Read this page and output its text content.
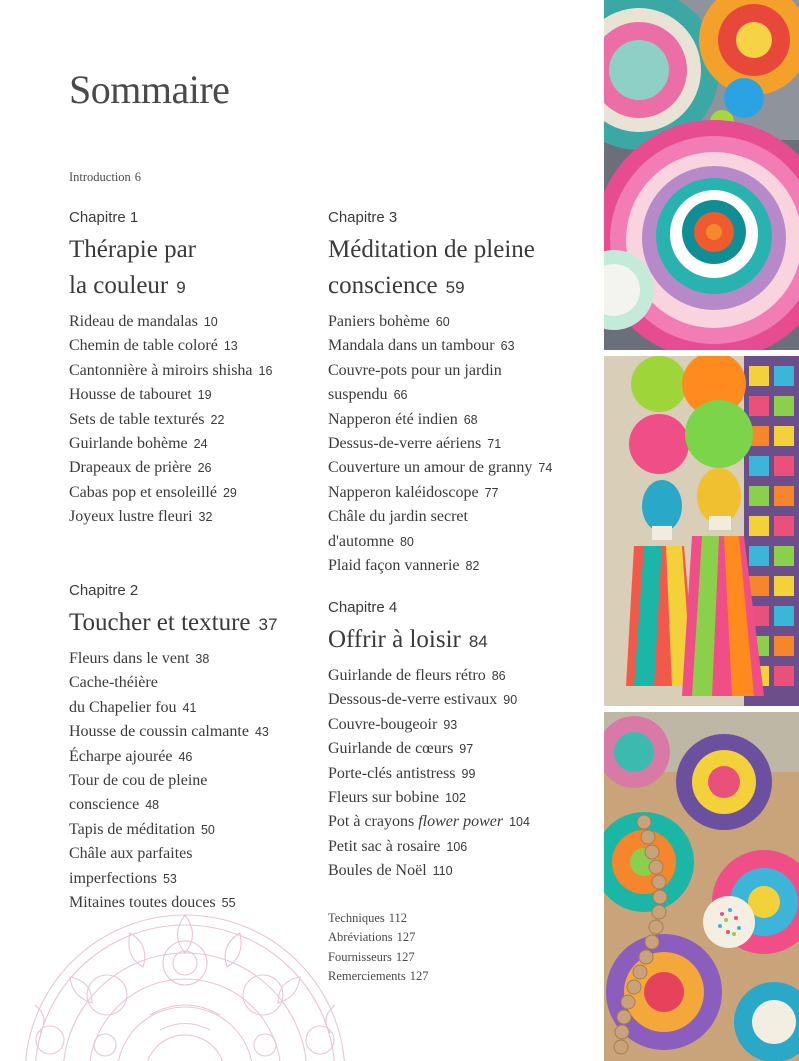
Sommaire
Introduction 6
Chapitre 1
Thérapie par
la couleur 9
Rideau de mandalas 10
Chemin de table coloré 13
Cantonnière à miroirs shisha 16
Housse de tabouret 19
Sets de table texturés 22
Guirlande bohème 24
Drapeaux de prière 26
Cabas pop et ensoleillé 29
Joyeux lustre fleuri 32
Chapitre 2
Toucher et texture 37
Fleurs dans le vent 38
Cache-théière
du Chapelier fou 41
Housse de coussin calmante 43
Écharpe ajourée 46
Tour de cou de pleine
conscience 48
Tapis de méditation 50
Châle aux parfaites
imperfections 53
Mitaines toutes douces 55
Chapitre 3
Méditation de pleine
conscience 59
Paniers bohème 60
Mandala dans un tambour 63
Couvre-pots pour un jardin
suspendu 66
Napperon été indien 68
Dessus-de-verre aériens 71
Couverture un amour de granny 74
Napperon kaléidoscope 77
Châle du jardin secret
d'automne 80
Plaid façon vannerie 82
Chapitre 4
Offrir à loisir 84
Guirlande de fleurs rétro 86
Dessous-de-verre estivaux 90
Couvre-bougeoir 93
Guirlande de cœurs 97
Porte-clés antistress 99
Fleurs sur bobine 102
Pot à crayons flower power 104
Petit sac à rosaire 106
Boules de Noël 110
Techniques 112
Abréviations 127
Fournisseurs 127
Remerciements 127
